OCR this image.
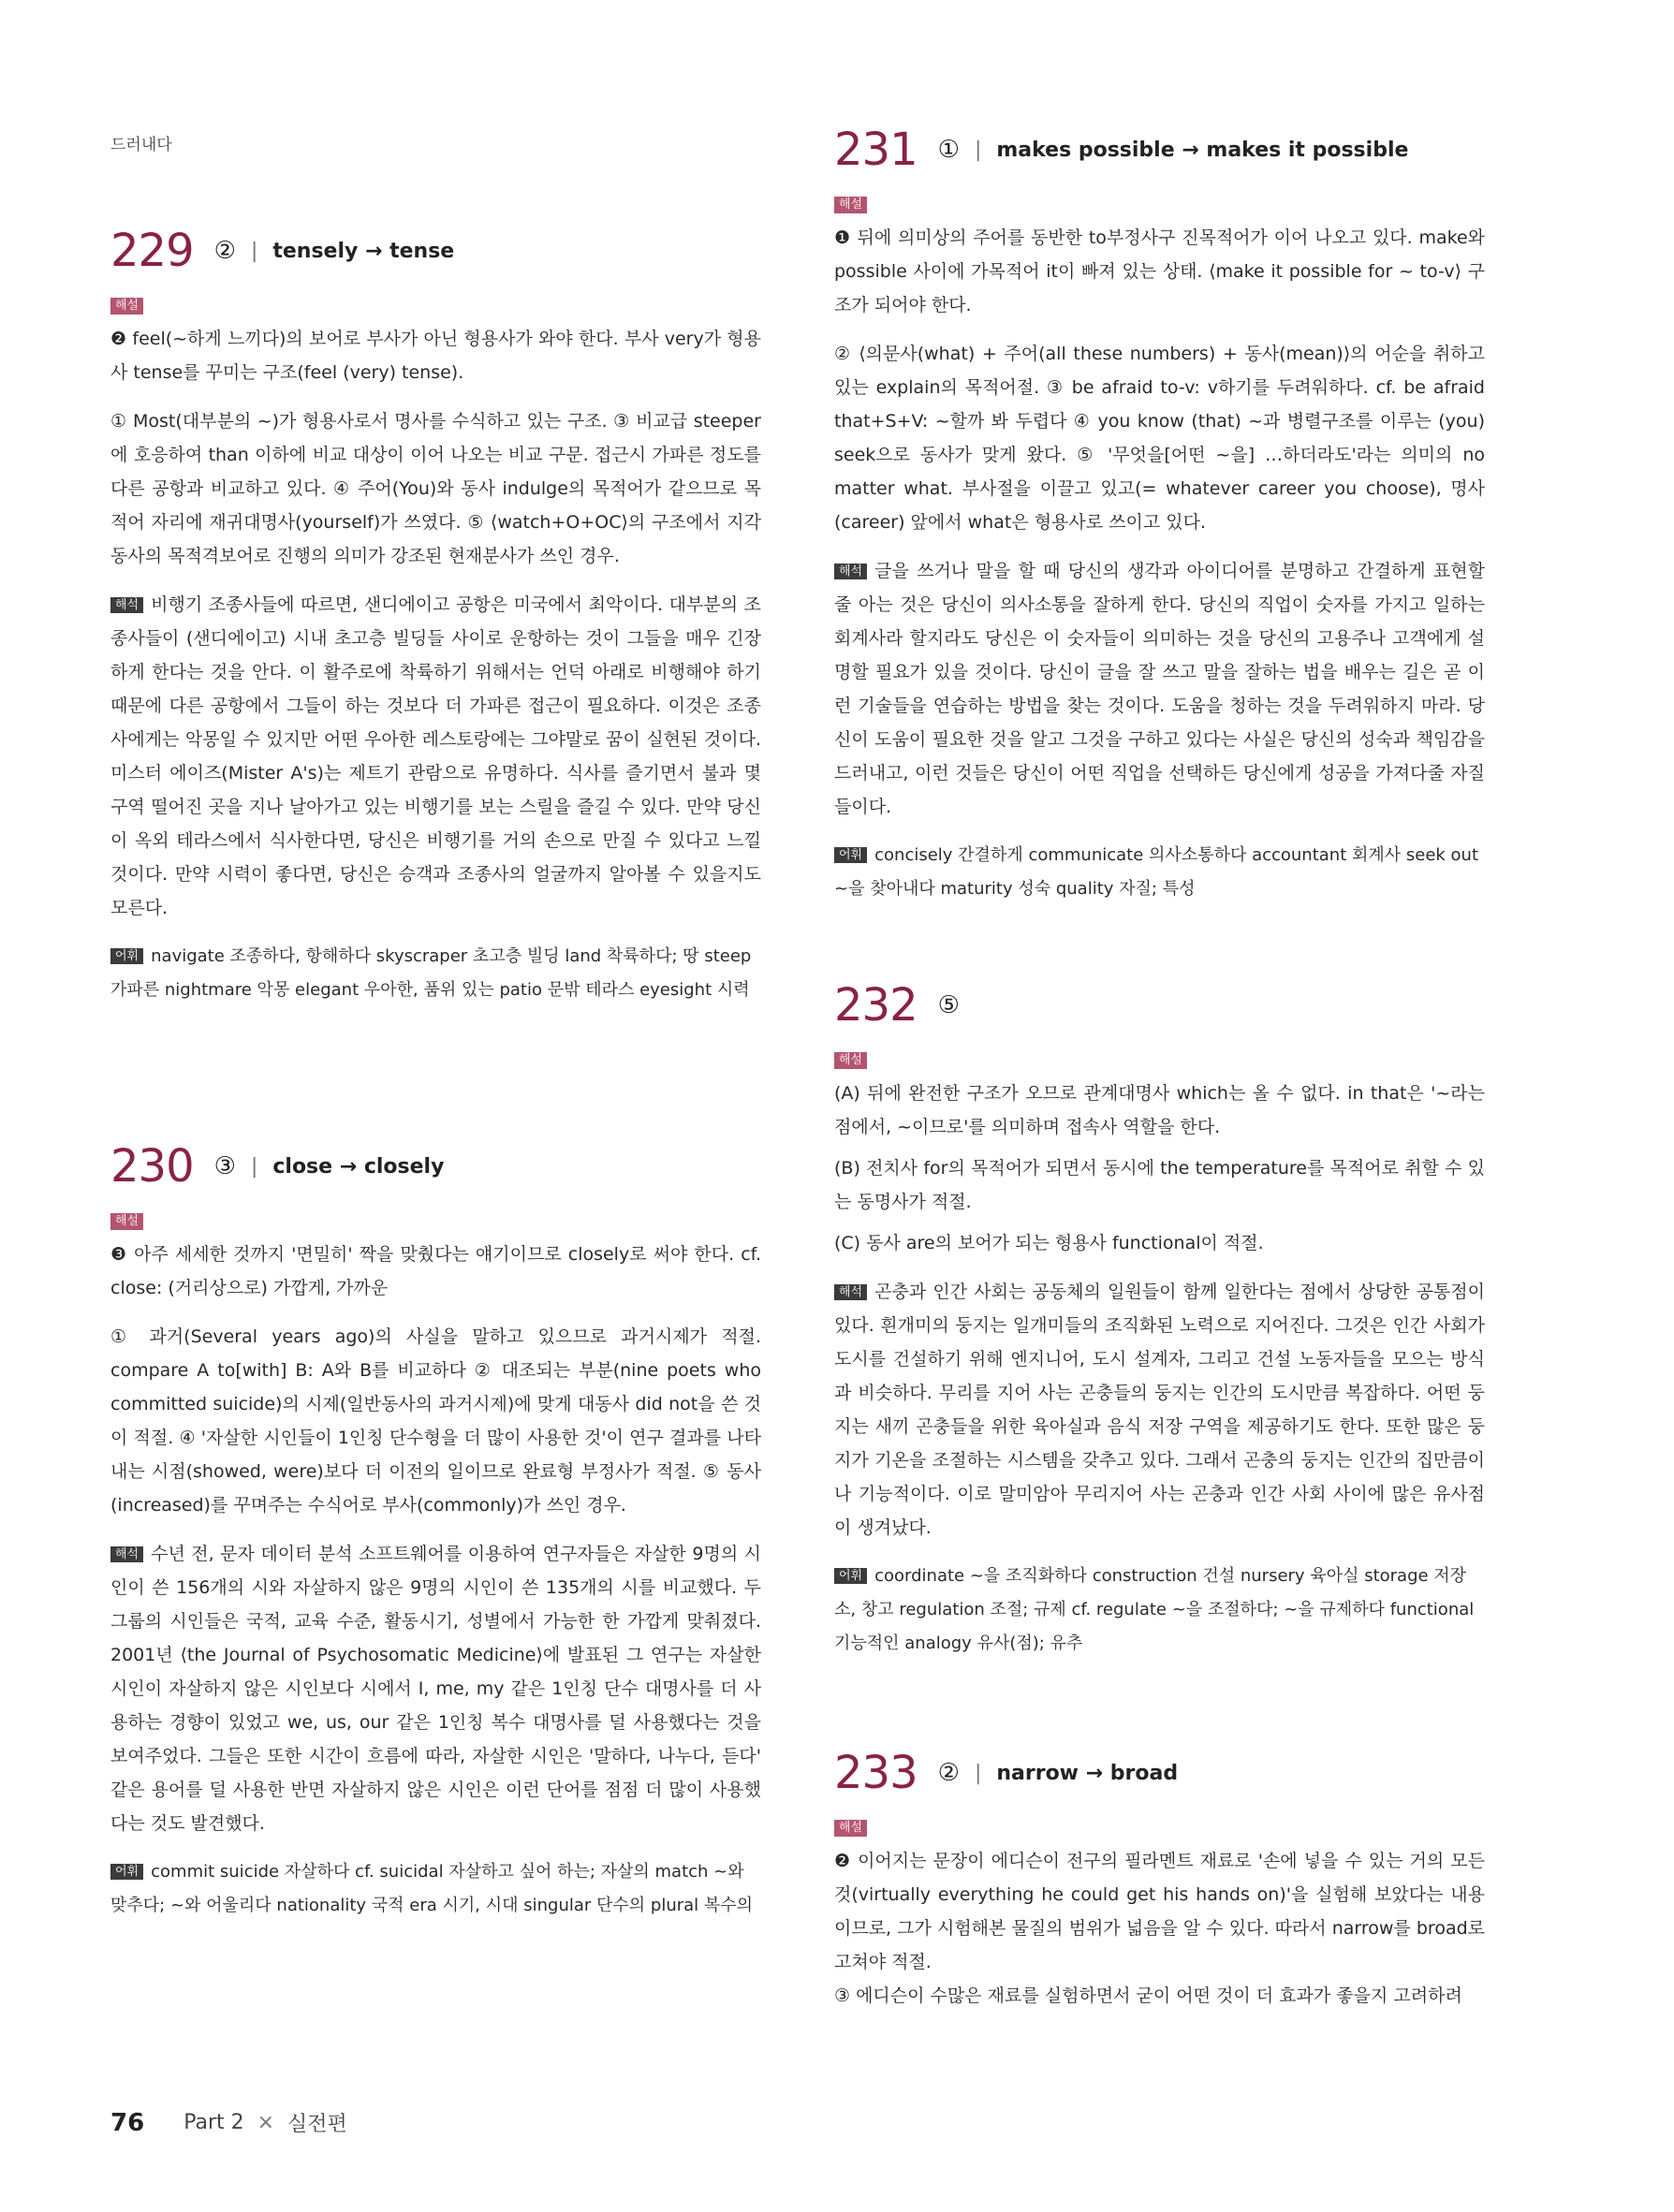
드러내다
229 ② | tensely → tense
해설

❷ feel(~하게 느끼다)의 보어로 부사가 아닌 형용사가 와야 한다. 부사 very가 형용사 tense를 꾸미는 구조(feel (very) tense).

① Most(대부분의 ~)가 형용사로서 명사를 수식하고 있는 구조. ③ 비교급 steeper에 호응하여 than 이하에 비교 대상이 이어 나오는 비교 구문. 접근시 가파른 정도를 다른 공항과 비교하고 있다. ④ 주어(You)와 동사 indulge의 목적어가 같으므로 목적어 자리에 재귀대명사(yourself)가 쓰였다. ⑤ ⟨watch+O+OC⟩의 구조에서 지각동사의 목적격보어로 진행의 의미가 강조된 현재분사가 쓰인 경우.

해석 비행기 조종사들에 따르면, 샌디에이고 공항은 미국에서 최악이다. 대부분의 조종사들이 (샌디에이고) 시내 초고층 빌딩들 사이로 운항하는 것이 그들을 매우 긴장하게 한다는 것을 안다. 이 활주로에 착륙하기 위해서는 언덕 아래로 비행해야 하기 때문에 다른 공항에서 그들이 하는 것보다 더 가파른 접근이 필요하다. 이것은 조종사에게는 악몽일 수 있지만 어떤 우아한 레스토랑에는 그야말로 꿈이 실현된 것이다. 미스터 에이즈(Mister A's)는 제트기 관람으로 유명하다. 식사를 즐기면서 불과 몇 구역 떨어진 곳을 지나 날아가고 있는 비행기를 보는 스릴을 즐길 수 있다. 만약 당신이 옥외 테라스에서 식사한다면, 당신은 비행기를 거의 손으로 만질 수 있다고 느낄 것이다. 만약 시력이 좋다면, 당신은 승객과 조종사의 얼굴까지 알아볼 수 있을지도 모른다.

어휘 navigate 조종하다, 항해하다 skyscraper 초고층 빌딩 land 착륙하다; 땅 steep 가파른 nightmare 악몽 elegant 우아한, 품위 있는 patio 문밖 테라스 eyesight 시력

230 ③ | close → closely
해설

❸ 아주 세세한 것까지 '면밀히' 짝을 맞췄다는 얘기이므로 closely로 써야 한다. cf. close: (거리상으로) 가깝게, 가까운

① 과거(Several years ago)의 사실을 말하고 있으므로 과거시제가 적절. compare A to[with] B: A와 B를 비교하다 ② 대조되는 부분(nine poets who committed suicide)의 시제(일반동사의 과거시제)에 맞게 대동사 did not을 쓴 것이 적절. ④ '자살한 시인들이 1인칭 단수형을 더 많이 사용한 것'이 연구 결과를 나타내는 시점(showed, were)보다 더 이전의 일이므로 완료형 부정사가 적절. ⑤ 동사(increased)를 꾸며주는 수식어로 부사(commonly)가 쓰인 경우.

해석 수년 전, 문자 데이터 분석 소프트웨어를 이용하여 연구자들은 자살한 9명의 시인이 쓴 156개의 시와 자살하지 않은 9명의 시인이 쓴 135개의 시를 비교했다. 두 그룹의 시인들은 국적, 교육 수준, 활동시기, 성별에서 가능한 한 가깝게 맞춰졌다. 2001년 ⟨the Journal of Psychosomatic Medicine⟩에 발표된 그 연구는 자살한 시인이 자살하지 않은 시인보다 시에서 I, me, my 같은 1인칭 단수 대명사를 더 사용하는 경향이 있었고 we, us, our 같은 1인칭 복수 대명사를 덜 사용했다는 것을 보여주었다. 그들은 또한 시간이 흐름에 따라, 자살한 시인은 '말하다, 나누다, 듣다' 같은 용어를 덜 사용한 반면 자살하지 않은 시인은 이런 단어를 점점 더 많이 사용했다는 것도 발견했다.

어휘 commit suicide 자살하다 cf. suicidal 자살하고 싶어 하는; 자살의 match ~와 맞추다; ~와 어울리다 nationality 국적 era 시기, 시대 singular 단수의 plural 복수의

231 ① | makes possible → makes it possible
해설

❶ 뒤에 의미상의 주어를 동반한 to부정사구 진목적어가 이어 나오고 있다. make와 possible 사이에 가목적어 it이 빠져 있는 상태. ⟨make it possible for ~ to-v⟩ 구조가 되어야 한다.

② ⟨의문사(what) + 주어(all these numbers) + 동사(mean)⟩의 어순을 취하고 있는 explain의 목적어절. ③ be afraid to-v: v하기를 두려워하다. cf. be afraid that+S+V: ~할까 봐 두렵다 ④ you know (that) ~과 병렬구조를 이루는 (you) seek으로 동사가 맞게 왔다. ⑤ '무엇을[어떤 ~을] …하더라도'라는 의미의 no matter what. 부사절을 이끌고 있고(= whatever career you choose), 명사(career) 앞에서 what은 형용사로 쓰이고 있다.

해석 글을 쓰거나 말을 할 때 당신의 생각과 아이디어를 분명하고 간결하게 표현할 줄 아는 것은 당신이 의사소통을 잘하게 한다. 당신의 직업이 숫자를 가지고 일하는 회계사라 할지라도 당신은 이 숫자들이 의미하는 것을 당신의 고용주나 고객에게 설명할 필요가 있을 것이다. 당신이 글을 잘 쓰고 말을 잘하는 법을 배우는 길은 곧 이런 기술들을 연습하는 방법을 찾는 것이다. 도움을 청하는 것을 두려워하지 마라. 당신이 도움이 필요한 것을 알고 그것을 구하고 있다는 사실은 당신의 성숙과 책임감을 드러내고, 이런 것들은 당신이 어떤 직업을 선택하든 당신에게 성공을 가져다줄 자질들이다.

어휘 concisely 간결하게 communicate 의사소통하다 accountant 회계사 seek out ~을 찾아내다 maturity 성숙 quality 자질; 특성

232 ⑤
해설

(A) 뒤에 완전한 구조가 오므로 관계대명사 which는 올 수 없다. in that은 '~라는 점에서, ~이므로'를 의미하며 접속사 역할을 한다.

(B) 전치사 for의 목적어가 되면서 동시에 the temperature를 목적어로 취할 수 있는 동명사가 적절.

(C) 동사 are의 보어가 되는 형용사 functional이 적절.

해석 곤충과 인간 사회는 공동체의 일원들이 함께 일한다는 점에서 상당한 공통점이 있다. 흰개미의 둥지는 일개미들의 조직화된 노력으로 지어진다. 그것은 인간 사회가 도시를 건설하기 위해 엔지니어, 도시 설계자, 그리고 건설 노동자들을 모으는 방식과 비슷하다. 무리를 지어 사는 곤충들의 둥지는 인간의 도시만큼 복잡하다. 어떤 둥지는 새끼 곤충들을 위한 육아실과 음식 저장 구역을 제공하기도 한다. 또한 많은 둥지가 기온을 조절하는 시스템을 갖추고 있다. 그래서 곤충의 둥지는 인간의 집만큼이나 기능적이다. 이로 말미암아 무리지어 사는 곤충과 인간 사회 사이에 많은 유사점이 생겨났다.

어휘 coordinate ~을 조직화하다 construction 건설 nursery 육아실 storage 저장소, 창고 regulation 조절; 규제 cf. regulate ~을 조절하다; ~을 규제하다 functional 기능적인 analogy 유사(점); 유추

233 ② | narrow → broad
해설

❷ 이어지는 문장이 에디슨이 전구의 필라멘트 재료로 '손에 넣을 수 있는 거의 모든 것(virtually everything he could get his hands on)'을 실험해 보았다는 내용이므로, 그가 시험해본 물질의 범위가 넓음을 알 수 있다. 따라서 narrow를 broad로 고쳐야 적절.

③ 에디슨이 수많은 재료를 실험하면서 굳이 어떤 것이 더 효과가 좋을지 고려하려

76 Part 2 × 실전편
